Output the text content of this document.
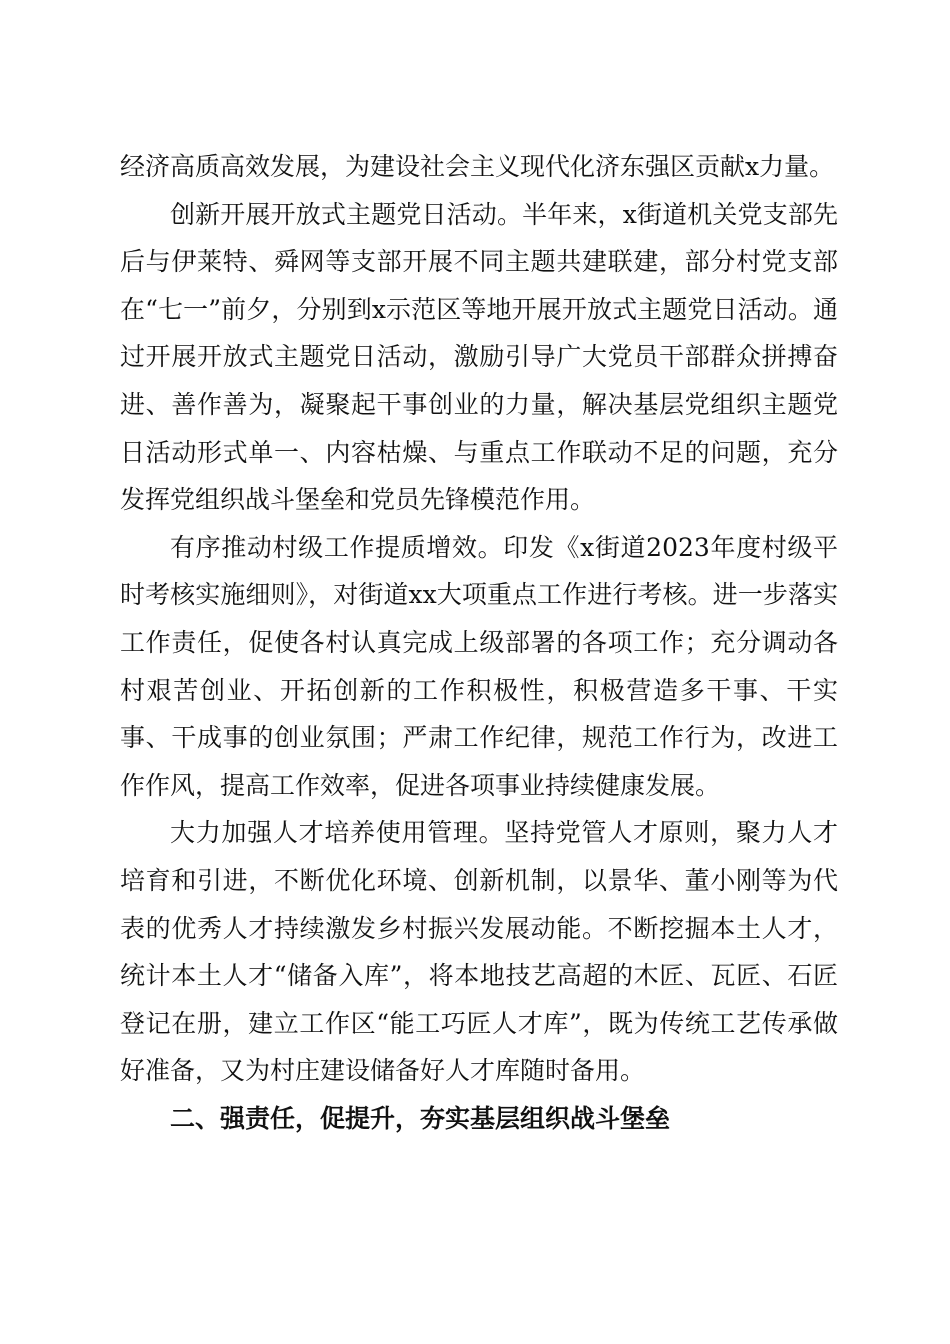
经济高质高效发展，为建设社会主义现代化济东强区贡献x力量。

创新开展开放式主题党日活动。半年来，x街道机关党支部先后与伊莱特、舜网等支部开展不同主题共建联建，部分村党支部在“七一”前夕，分别到x示范区等地开展开放式主题党日活动。通过开展开放式主题党日活动，激励引导广大党员干部群众拼搏奋进、善作善为，凝聚起干事创业的力量，解决基层党组织主题党日活动形式单一、内容枯燥、与重点工作联动不足的问题，充分发挥党组织战斗堡垒和党员先锋模范作用。

有序推动村级工作提质增效。印发《x街道2023年度村级平时考核实施细则》，对街道xx大项重点工作进行考核。进一步落实工作责任，促使各村认真完成上级部署的各项工作；充分调动各村艰苦创业、开拓创新的工作积极性，积极营造多干事、干实事、干成事的创业氛围；严肃工作纪律，规范工作行为，改进工作作风，提高工作效率，促进各项事业持续健康发展。

大力加强人才培养使用管理。坚持党管人才原则，聚力人才培育和引进，不断优化环境、创新机制，以景华、董小刚等为代表的优秀人才持续激发乡村振兴发展动能。不断挖掘本土人才，统计本土人才“储备入库”，将本地技艺高超的木匠、瓦匠、石匠登记在册，建立工作区“能工巧匠人才库”，既为传统工艺传承做好准备，又为村庄建设储备好人才库随时备用。

二、强责任，促提升，夯实基层组织战斗堡垒
